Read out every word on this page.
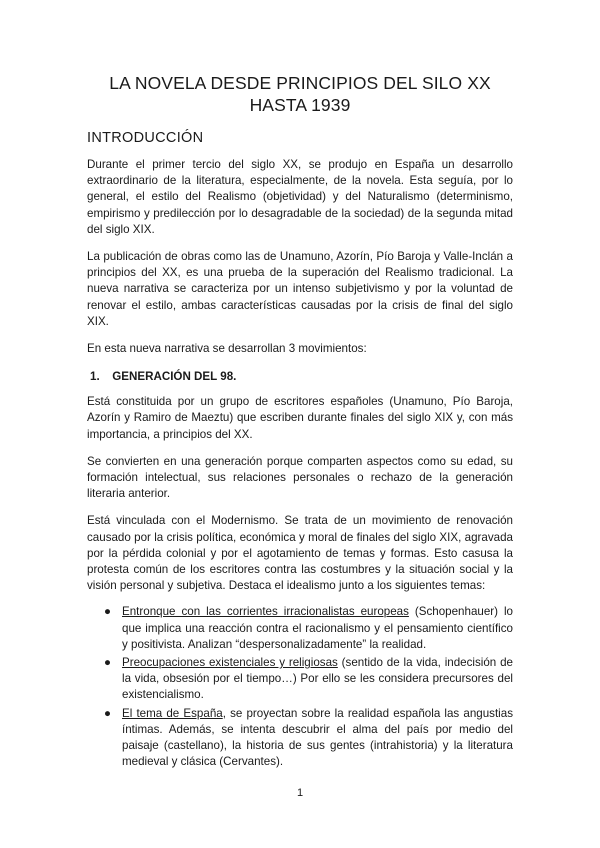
LA NOVELA DESDE PRINCIPIOS DEL SILO XX
HASTA 1939
INTRODUCCIÓN

Durante el primer tercio del siglo XX, se produjo en España un desarrollo extraordinario de la literatura, especialmente, de la novela. Esta seguía, por lo general, el estilo del Realismo (objetividad) y del Naturalismo (determinismo, empirismo y predilección por lo desagradable de la sociedad) de la segunda mitad del siglo XIX.

La publicación de obras como las de Unamuno, Azorín, Pío Baroja y Valle-Inclán a principios del XX, es una prueba de la superación del Realismo tradicional. La nueva narrativa se caracteriza por un intenso subjetivismo y por la voluntad de renovar el estilo, ambas características causadas por la crisis de final del siglo XIX.

En esta nueva narrativa se desarrollan 3 movimientos:

1. GENERACIÓN DEL 98.

Está constituida por un grupo de escritores españoles (Unamuno, Pío Baroja, Azorín y Ramiro de Maeztu) que escriben durante finales del siglo XIX y, con más importancia, a principios del XX.

Se convierten en una generación porque comparten aspectos como su edad, su formación intelectual, sus relaciones personales o rechazo de la generación literaria anterior.

Está vinculada con el Modernismo. Se trata de un movimiento de renovación causado por la crisis política, económica y moral de finales del siglo XIX, agravada por la pérdida colonial y por el agotamiento de temas y formas. Esto casusa la protesta común de los escritores contra las costumbres y la situación social y la visión personal y subjetiva. Destaca el idealismo junto a los siguientes temas:

● Entronque con las corrientes irracionalistas europeas (Schopenhauer) lo que implica una reacción contra el racionalismo y el pensamiento científico y positivista. Analizan “despersonalizadamente” la realidad.
● Preocupaciones existenciales y religiosas (sentido de la vida, indecisión de la vida, obsesión por el tiempo…) Por ello se les considera precursores del existencialismo.
● El tema de España, se proyectan sobre la realidad española las angustias íntimas. Además, se intenta descubrir el alma del país por medio del paisaje (castellano), la historia de sus gentes (intrahistoria) y la literatura medieval y clásica (Cervantes).
1
